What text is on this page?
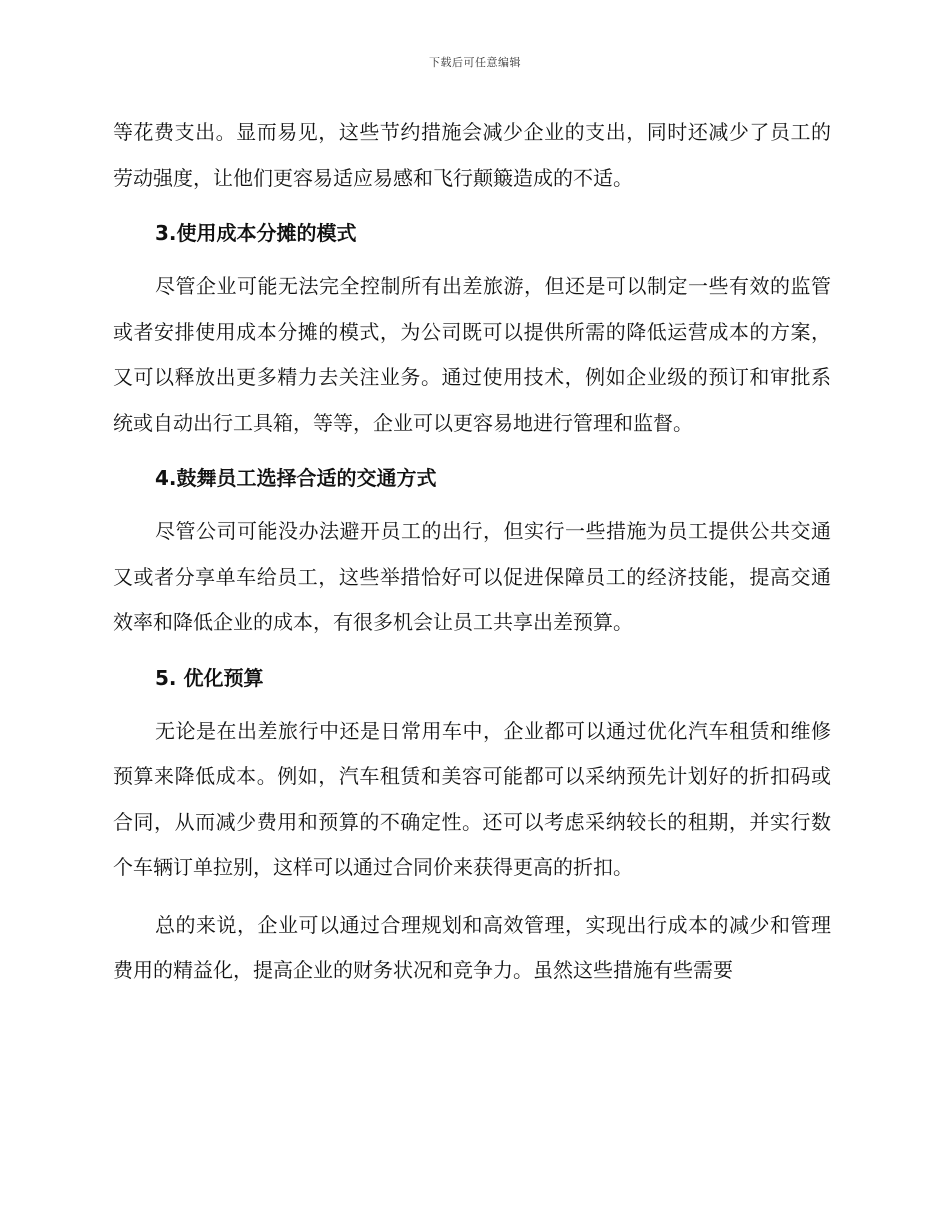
下载后可任意编辑

等花费支出。显而易见，这些节约措施会减少企业的支出，同时还减少了员工的劳动强度，让他们更容易适应易感和飞行颠簸造成的不适。

3.使用成本分摊的模式

尽管企业可能无法完全控制所有出差旅游，但还是可以制定一些有效的监管或者安排使用成本分摊的模式，为公司既可以提供所需的降低运营成本的方案，又可以释放出更多精力去关注业务。通过使用技术，例如企业级的预订和审批系统或自动出行工具箱，等等，企业可以更容易地进行管理和监督。

4.鼓舞员工选择合适的交通方式

尽管公司可能没办法避开员工的出行，但实行一些措施为员工提供公共交通又或者分享单车给员工，这些举措恰好可以促进保障员工的经济技能，提高交通效率和降低企业的成本，有很多机会让员工共享出差预算。

5. 优化预算

无论是在出差旅行中还是日常用车中，企业都可以通过优化汽车租赁和维修预算来降低成本。例如，汽车租赁和美容可能都可以采纳预先计划好的折扣码或合同，从而减少费用和预算的不确定性。还可以考虑采纳较长的租期，并实行数个车辆订单拉别，这样可以通过合同价来获得更高的折扣。

总的来说，企业可以通过合理规划和高效管理，实现出行成本的减少和管理费用的精益化，提高企业的财务状况和竞争力。虽然这些措施有些需要
